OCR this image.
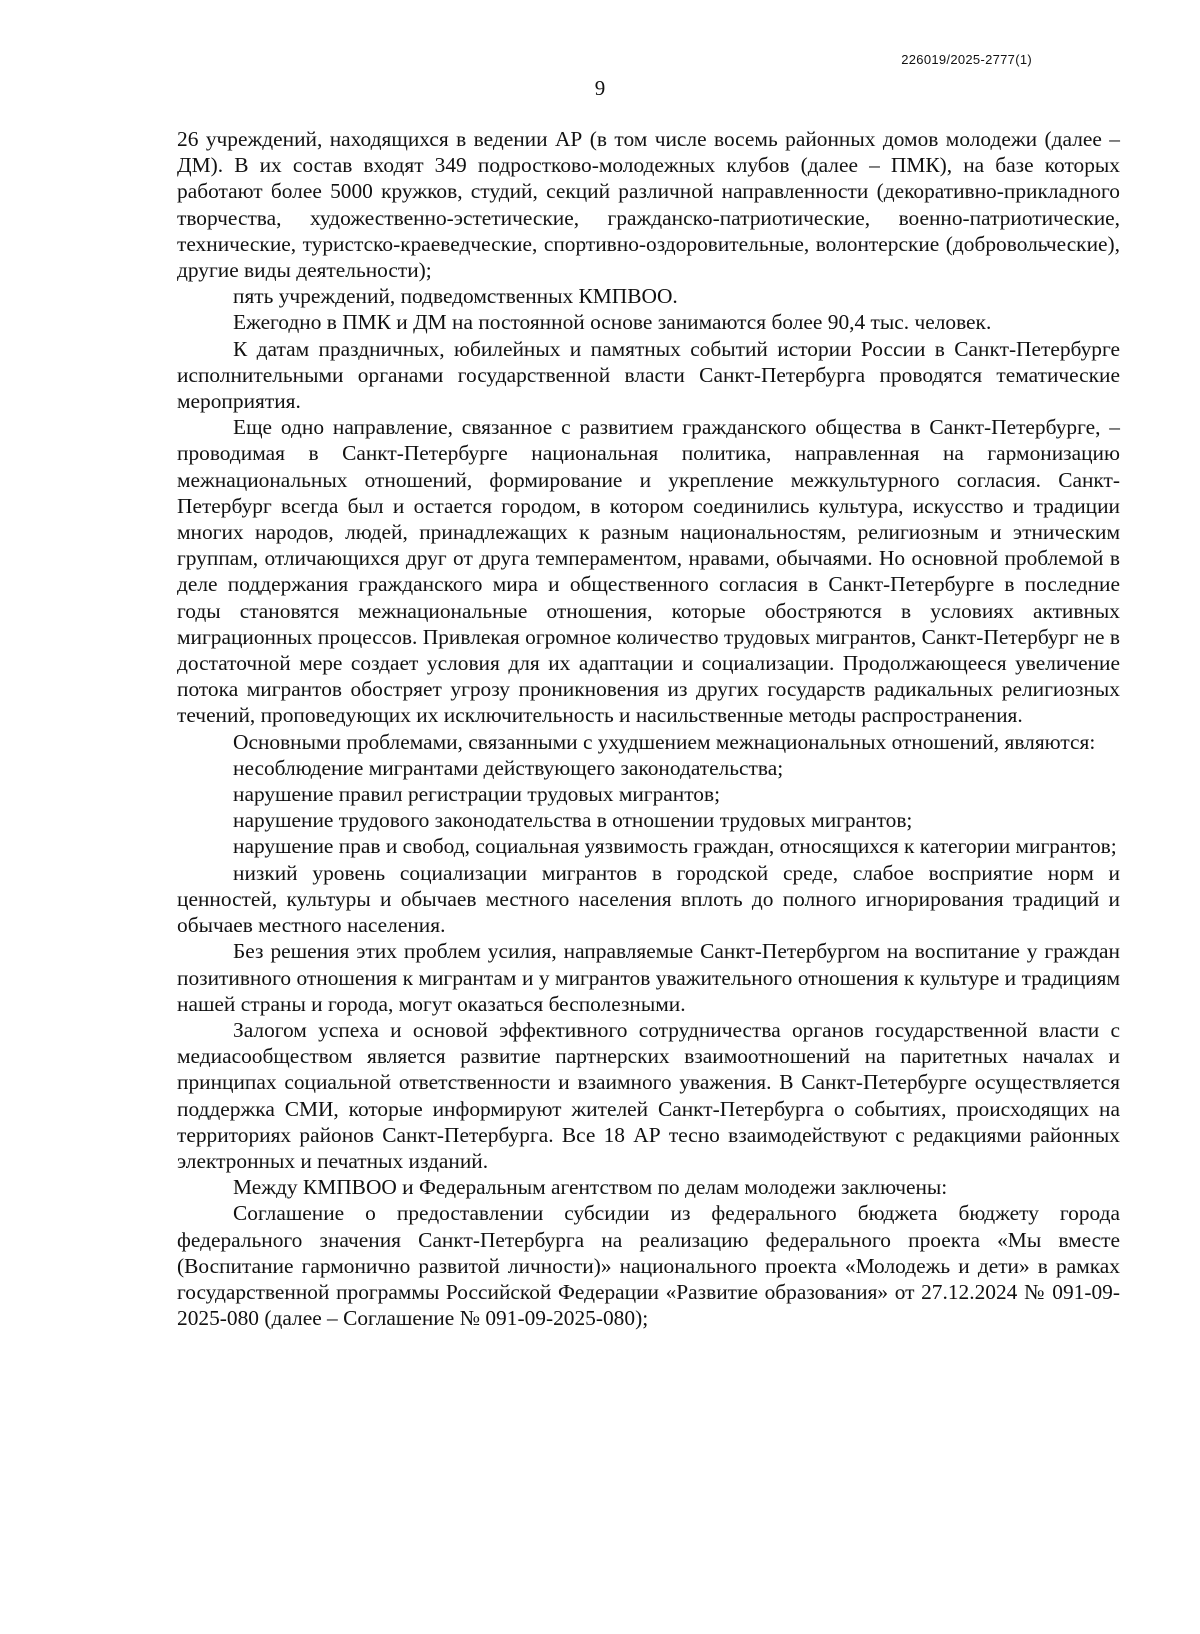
226019/2025-2777(1)
9

26 учреждений, находящихся в ведении АР (в том числе восемь районных домов молодежи (далее – ДМ). В их состав входят 349 подростково-молодежных клубов (далее – ПМК), на базе которых работают более 5000 кружков, студий, секций различной направленности (декоративно-прикладного творчества, художественно-эстетические, гражданско-патриотические, военно-патриотические, технические, туристско-краеведческие, спортивно-оздоровительные, волонтерские (добровольческие), другие виды деятельности);

пять учреждений, подведомственных КМПВОО.

Ежегодно в ПМК и ДМ на постоянной основе занимаются более 90,4 тыс. человек.

К датам праздничных, юбилейных и памятных событий истории России в Санкт-Петербурге исполнительными органами государственной власти Санкт-Петербурга проводятся тематические мероприятия.

Еще одно направление, связанное с развитием гражданского общества в Санкт-Петербурге, – проводимая в Санкт-Петербурге национальная политика, направленная на гармонизацию межнациональных отношений, формирование и укрепление межкультурного согласия. Санкт-Петербург всегда был и остается городом, в котором соединились культура, искусство и традиции многих народов, людей, принадлежащих к разным национальностям, религиозным и этническим группам, отличающихся друг от друга темпераментом, нравами, обычаями. Но основной проблемой в деле поддержания гражданского мира и общественного согласия в Санкт-Петербурге в последние годы становятся межнациональные отношения, которые обостряются в условиях активных миграционных процессов. Привлекая огромное количество трудовых мигрантов, Санкт-Петербург не в достаточной мере создает условия для их адаптации и социализации. Продолжающееся увеличение потока мигрантов обостряет угрозу проникновения из других государств радикальных религиозных течений, проповедующих их исключительность и насильственные методы распространения.

Основными проблемами, связанными с ухудшением межнациональных отношений, являются:

несоблюдение мигрантами действующего законодательства;

нарушение правил регистрации трудовых мигрантов;

нарушение трудового законодательства в отношении трудовых мигрантов;

нарушение прав и свобод, социальная уязвимость граждан, относящихся к категории мигрантов;

низкий уровень социализации мигрантов в городской среде, слабое восприятие норм и ценностей, культуры и обычаев местного населения вплоть до полного игнорирования традиций и обычаев местного населения.

Без решения этих проблем усилия, направляемые Санкт-Петербургом на воспитание у граждан позитивного отношения к мигрантам и у мигрантов уважительного отношения к культуре и традициям нашей страны и города, могут оказаться бесполезными.

Залогом успеха и основой эффективного сотрудничества органов государственной власти с медиасообществом является развитие партнерских взаимоотношений на паритетных началах и принципах социальной ответственности и взаимного уважения. В Санкт-Петербурге осуществляется поддержка СМИ, которые информируют жителей Санкт-Петербурга о событиях, происходящих на территориях районов Санкт-Петербурга. Все 18 АР тесно взаимодействуют с редакциями районных электронных и печатных изданий.

Между КМПВОО и Федеральным агентством по делам молодежи заключены:

Соглашение о предоставлении субсидии из федерального бюджета бюджету города федерального значения Санкт-Петербурга на реализацию федерального проекта «Мы вместе (Воспитание гармонично развитой личности)» национального проекта «Молодежь и дети» в рамках государственной программы Российской Федерации «Развитие образования» от 27.12.2024 № 091-09-2025-080 (далее – Соглашение № 091-09-2025-080);
